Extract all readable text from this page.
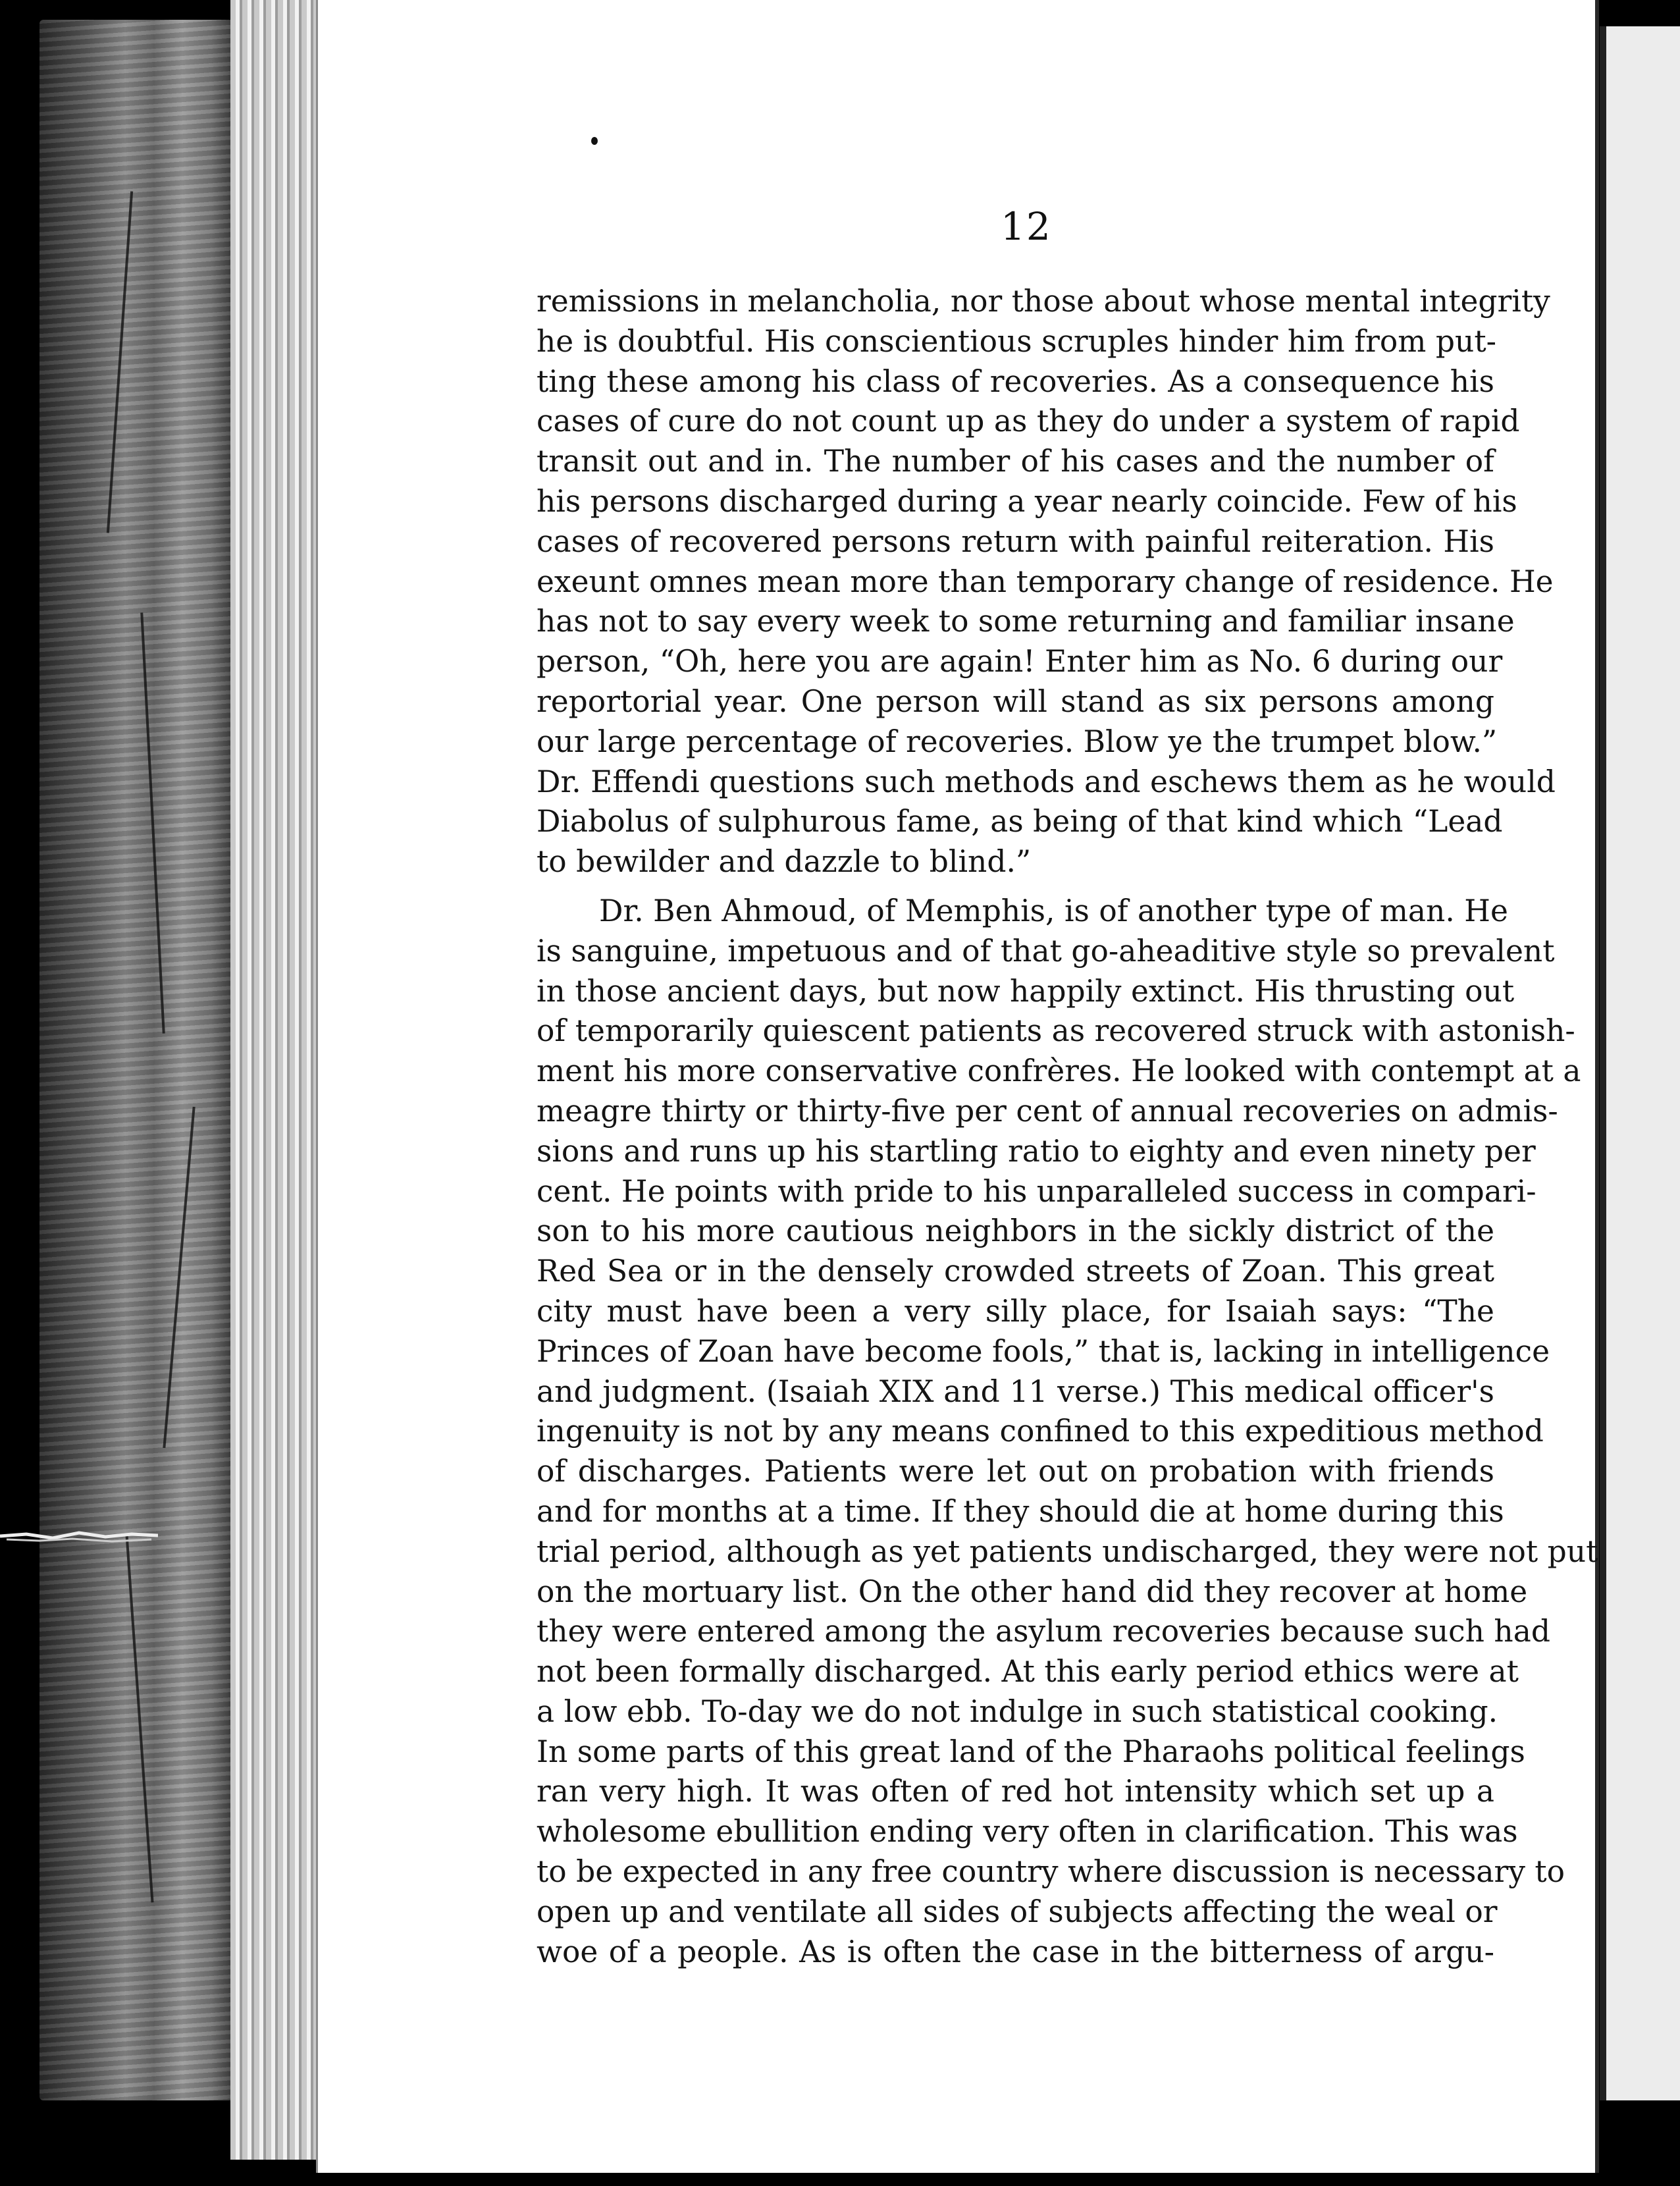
12
remissions in melancholia, nor those about whose mental integrity
he is doubtful. His conscientious scruples hinder him from put-
ting these among his class of recoveries. As a consequence his
cases of cure do not count up as they do under a system of rapid
transit out and in. The number of his cases and the number of
his persons discharged during a year nearly coincide. Few of his
cases of recovered persons return with painful reiteration. His
exeunt omnes mean more than temporary change of residence. He
has not to say every week to some returning and familiar insane
person, “Oh, here you are again! Enter him as No. 6 during our
reportorial year. One person will stand as six persons among
our large percentage of recoveries. Blow ye the trumpet blow.”
Dr. Effendi questions such methods and eschews them as he would
Diabolus of sulphurous fame, as being of that kind which “Lead
to bewilder and dazzle to blind.”
Dr. Ben Ahmoud, of Memphis, is of another type of man. He
is sanguine, impetuous and of that go-aheaditive style so prevalent
in those ancient days, but now happily extinct. His thrusting out
of temporarily quiescent patients as recovered struck with astonish-
ment his more conservative confrères. He looked with contempt at a
meagre thirty or thirty-five per cent of annual recoveries on admis-
sions and runs up his startling ratio to eighty and even ninety per
cent. He points with pride to his unparalleled success in compari-
son to his more cautious neighbors in the sickly district of the
Red Sea or in the densely crowded streets of Zoan. This great
city must have been a very silly place, for Isaiah says: “The
Princes of Zoan have become fools,” that is, lacking in intelligence
and judgment. (Isaiah XIX and 11 verse.) This medical officer's
ingenuity is not by any means confined to this expeditious method
of discharges. Patients were let out on probation with friends
and for months at a time. If they should die at home during this
trial period, although as yet patients undischarged, they were not put
on the mortuary list. On the other hand did they recover at home
they were entered among the asylum recoveries because such had
not been formally discharged. At this early period ethics were at
a low ebb. To-day we do not indulge in such statistical cooking.
In some parts of this great land of the Pharaohs political feelings
ran very high. It was often of red hot intensity which set up a
wholesome ebullition ending very often in clarification. This was
to be expected in any free country where discussion is necessary to
open up and ventilate all sides of subjects affecting the weal or
woe of a people. As is often the case in the bitterness of argu-
